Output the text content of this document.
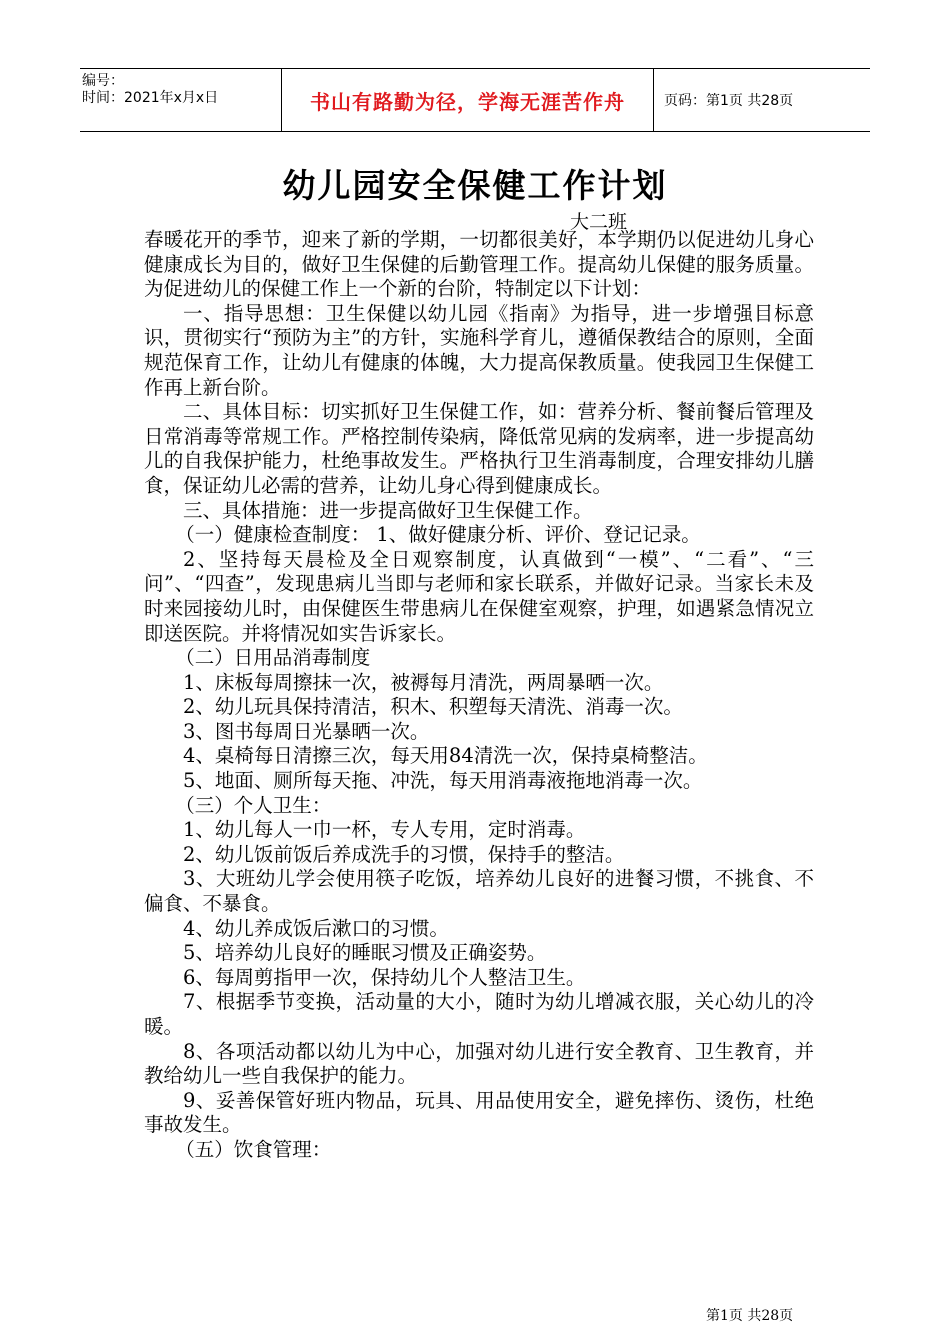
编号：
时间：2021年x月x日	书山有路勤为径，学海无涯苦作舟	页码：第1页 共28页
幼儿园安全保健工作计划
大二班

春暖花开的季节，迎来了新的学期，一切都很美好，本学期仍以促进幼儿身心健康成长为目的，做好卫生保健的后勤管理工作。提高幼儿保健的服务质量。为促进幼儿的保健工作上一个新的台阶，特制定以下计划：

一、指导思想：卫生保健以幼儿园《指南》为指导，进一步增强目标意识，贯彻实行“预防为主”的方针，实施科学育儿，遵循保教结合的原则，全面规范保育工作，让幼儿有健康的体魄，大力提高保教质量。使我园卫生保健工作再上新台阶。

二、具体目标：切实抓好卫生保健工作，如：营养分析、餐前餐后管理及日常消毒等常规工作。严格控制传染病，降低常见病的发病率，进一步提高幼儿的自我保护能力，杜绝事故发生。严格执行卫生消毒制度，合理安排幼儿膳食，保证幼儿必需的营养，让幼儿身心得到健康成长。

三、具体措施：进一步提高做好卫生保健工作。

（一）健康检查制度： 1、做好健康分析、评价、登记记录。

2、坚持每天晨检及全日观察制度，认真做到“一模”、“二看”、“三问”、“四查”，发现患病儿当即与老师和家长联系，并做好记录。当家长未及时来园接幼儿时，由保健医生带患病儿在保健室观察，护理，如遇紧急情况立即送医院。并将情况如实告诉家长。

（二）日用品消毒制度

1、床板每周擦抹一次，被褥每月清洗，两周暴晒一次。

2、幼儿玩具保持清洁，积木、积塑每天清洗、消毒一次。

3、图书每周日光暴晒一次。

4、桌椅每日清擦三次，每天用84清洗一次，保持桌椅整洁。

5、地面、厕所每天拖、冲洗，每天用消毒液拖地消毒一次。

（三）个人卫生：

1、幼儿每人一巾一杯，专人专用，定时消毒。

2、幼儿饭前饭后养成洗手的习惯，保持手的整洁。

3、大班幼儿学会使用筷子吃饭，培养幼儿良好的进餐习惯，不挑食、不偏食、不暴食。

4、幼儿养成饭后漱口的习惯。

5、培养幼儿良好的睡眠习惯及正确姿势。

6、每周剪指甲一次，保持幼儿个人整洁卫生。

7、根据季节变换，活动量的大小，随时为幼儿增减衣服，关心幼儿的冷暖。

8、各项活动都以幼儿为中心，加强对幼儿进行安全教育、卫生教育，并教给幼儿一些自我保护的能力。

9、妥善保管好班内物品，玩具、用品使用安全，避免摔伤、烫伤，杜绝事故发生。

（五）饮食管理：

第1页 共28页
